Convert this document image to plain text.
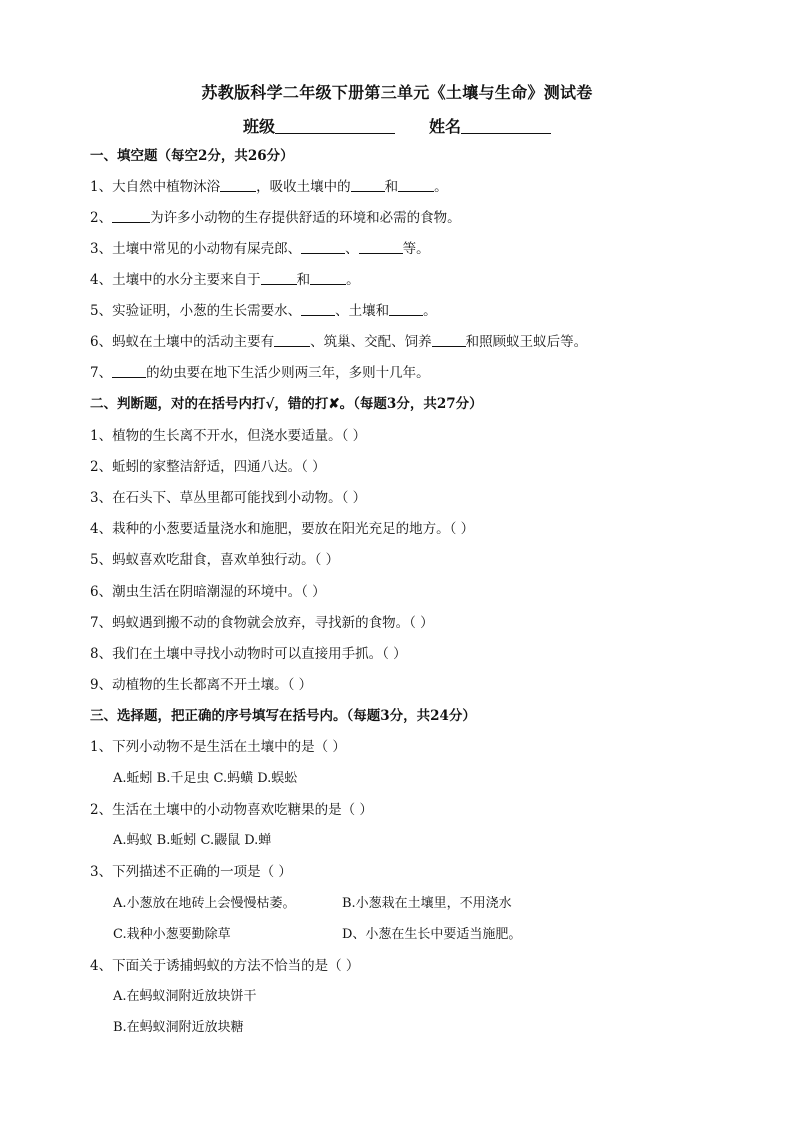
苏教版科学二年级下册第三单元《土壤与生命》测试卷
班级	姓名
一、填空题（每空2分，共26分）
1、大自然中植物沐浴	，吸收土壤中的	和	。
2、	为许多小动物的生存提供舒适的环境和必需的食物。
3、土壤中常见的小动物有屎壳郎、	、	等。
4、土壤中的水分主要来自于	和	。
5、实验证明，小葱的生长需要水、	、土壤和	。
6、蚂蚁在土壤中的活动主要有	、筑巢、交配、饲养	和照顾蚁王蚁后等。
7、	的幼虫要在地下生活少则两三年，多则十几年。
二、判断题，对的在括号内打√，错的打✘。（每题3分，共27分）
1、植物的生长离不开水，但浇水要适量。（ ）
2、蚯蚓的家整洁舒适，四通八达。（ ）
3、在石头下、草丛里都可能找到小动物。（ ）
4、栽种的小葱要适量浇水和施肥，要放在阳光充足的地方。（ ）
5、蚂蚁喜欢吃甜食，喜欢单独行动。（ ）
6、潮虫生活在阴暗潮湿的环境中。（ ）
7、蚂蚁遇到搬不动的食物就会放弃，寻找新的食物。（ ）
8、我们在土壤中寻找小动物时可以直接用手抓。（ ）
9、动植物的生长都离不开土壤。（ ）
三、选择题，把正确的序号填写在括号内。（每题3分，共24分）
1、下列小动物不是生活在土壤中的是（ ）
A.蚯蚓 B.千足虫 C.蚂蟥 D.蜈蚣
2、生活在土壤中的小动物喜欢吃糖果的是（ ）
A.蚂蚁 B.蚯蚓 C.鼹鼠 D.蝉
3、下列描述不正确的一项是（ ）
A.小葱放在地砖上会慢慢枯萎。	B.小葱栽在土壤里，不用浇水
C.栽种小葱要勤除草	D、小葱在生长中要适当施肥。
4、下面关于诱捕蚂蚁的方法不恰当的是（ ）
A.在蚂蚁洞附近放块饼干
B.在蚂蚁洞附近放块糖
